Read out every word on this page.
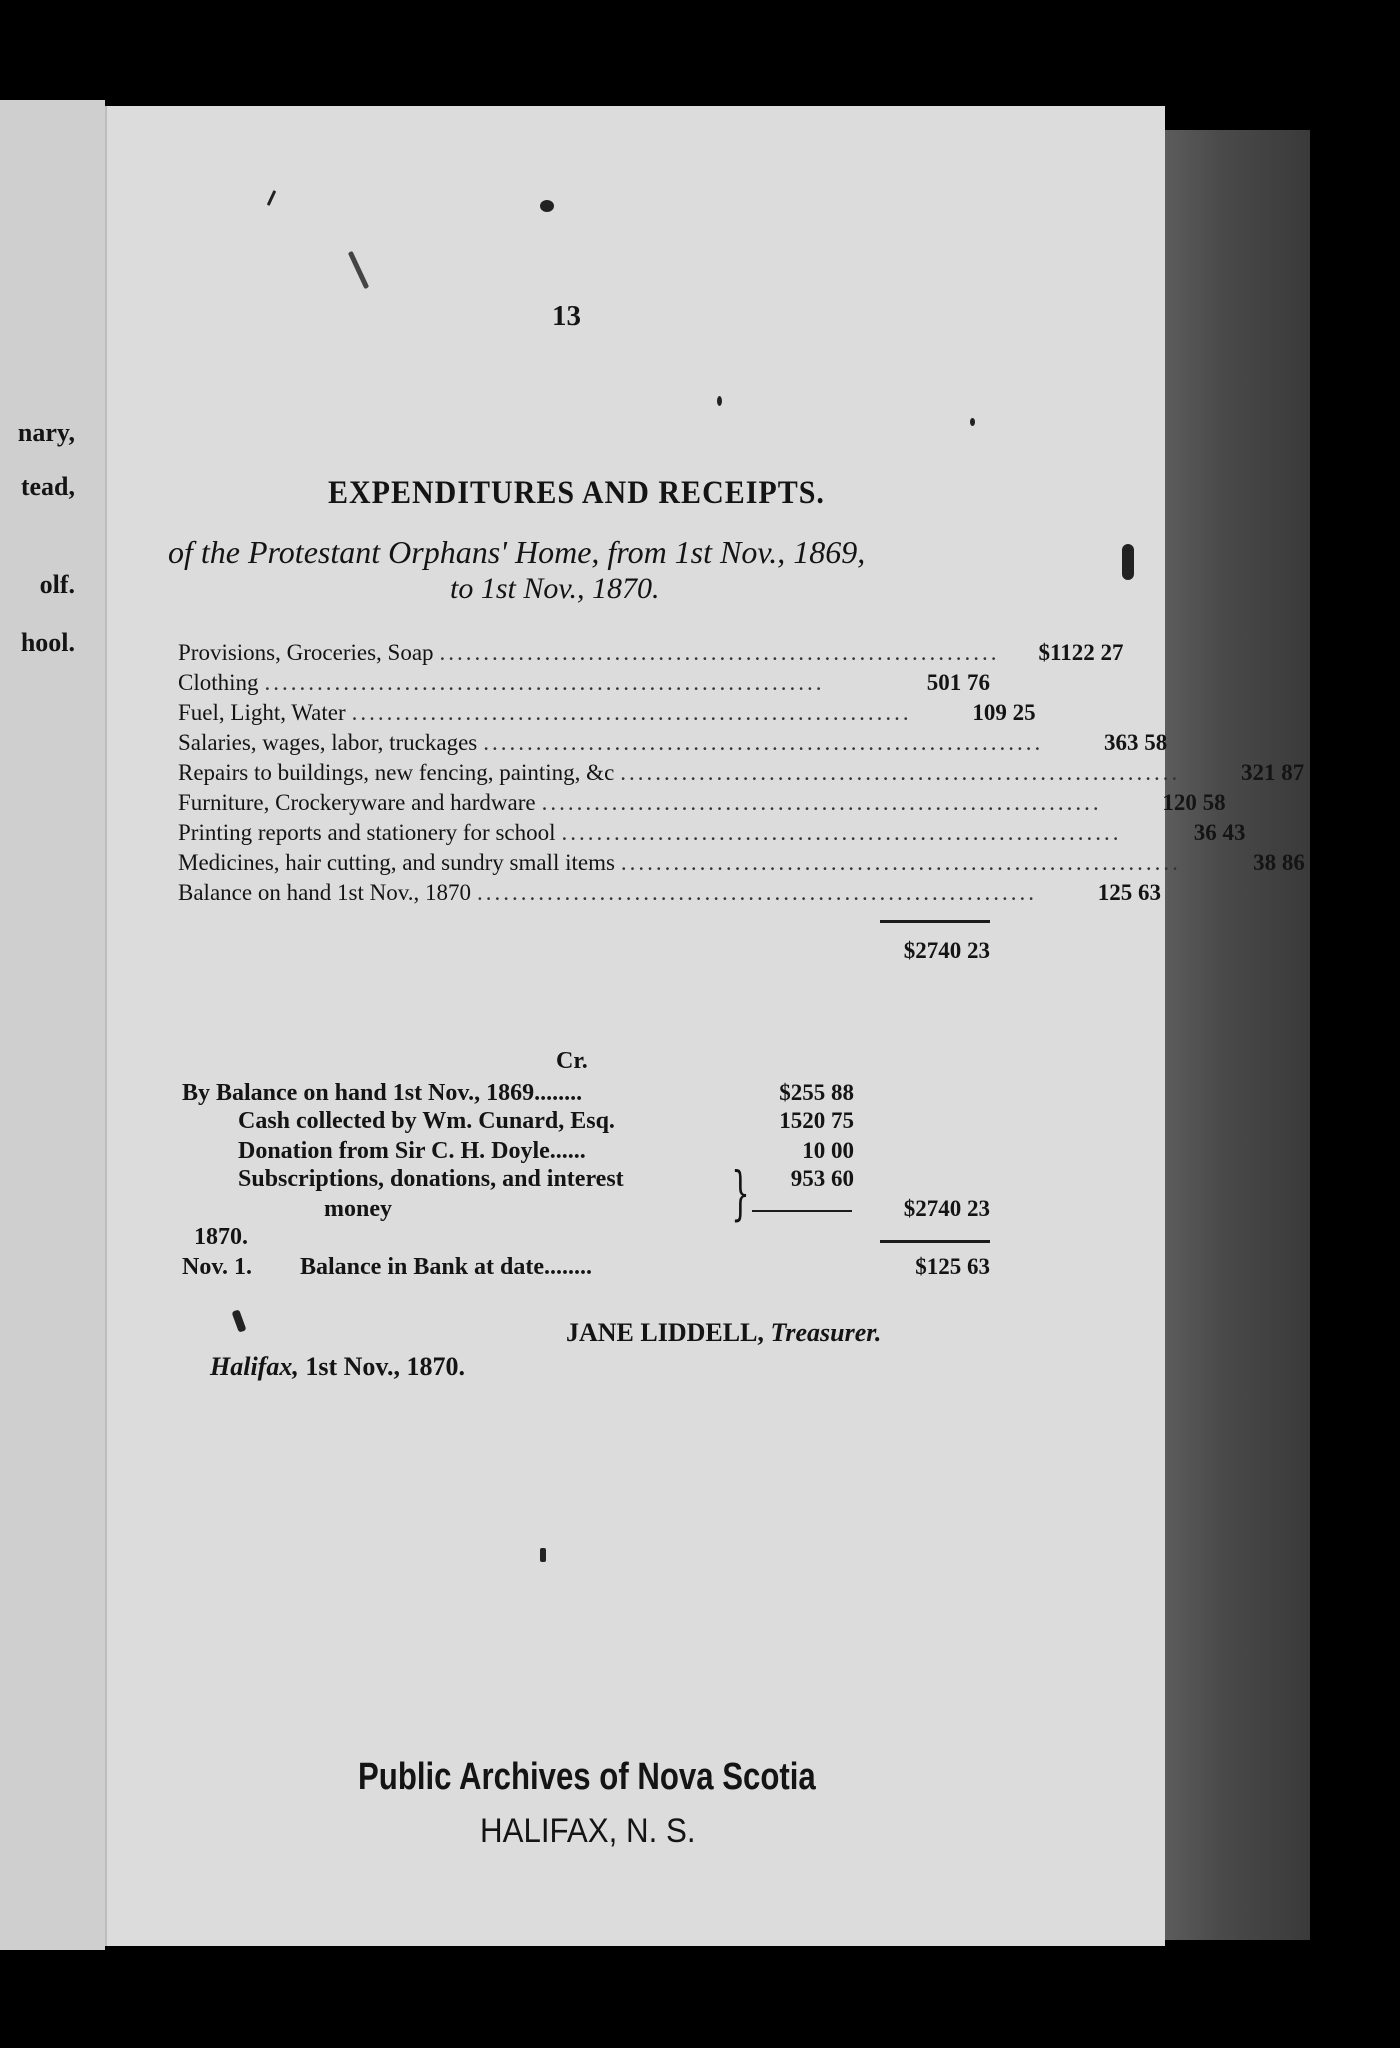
nary,
tead,
olf.
hool.
13
EXPENDITURES AND RECEIPTS.
of the Protestant Orphans' Home, from 1st Nov., 1869,
to 1st Nov., 1870.
Provisions, Groceries, Soap ................................................................	$1122 27
Clothing ................................................................	501 76
Fuel, Light, Water ................................................................	109 25
Salaries, wages, labor, truckages ................................................................	363 58
Repairs to buildings, new fencing, painting, &c ................................................................	321 87
Furniture, Crockeryware and hardware ................................................................	120 58
Printing reports and stationery for school ................................................................	36 43
Medicines, hair cutting, and sundry small items ................................................................	38 86
Balance on hand 1st Nov., 1870 ................................................................	125 63
$2740 23
Cr.
By Balance on hand 1st Nov., 1869........	$255 88
Cash collected by Wm. Cunard, Esq.	1520 75
Donation from Sir C. H. Doyle......	10 00
Subscriptions, donations, and interest	953 60
}
money	$2740 23
1870.
Nov. 1. Balance in Bank at date........	$125 63
JANE LIDDELL, Treasurer.
Halifax, 1st Nov., 1870.
Public Archives of Nova Scotia
HALIFAX, N. S.
